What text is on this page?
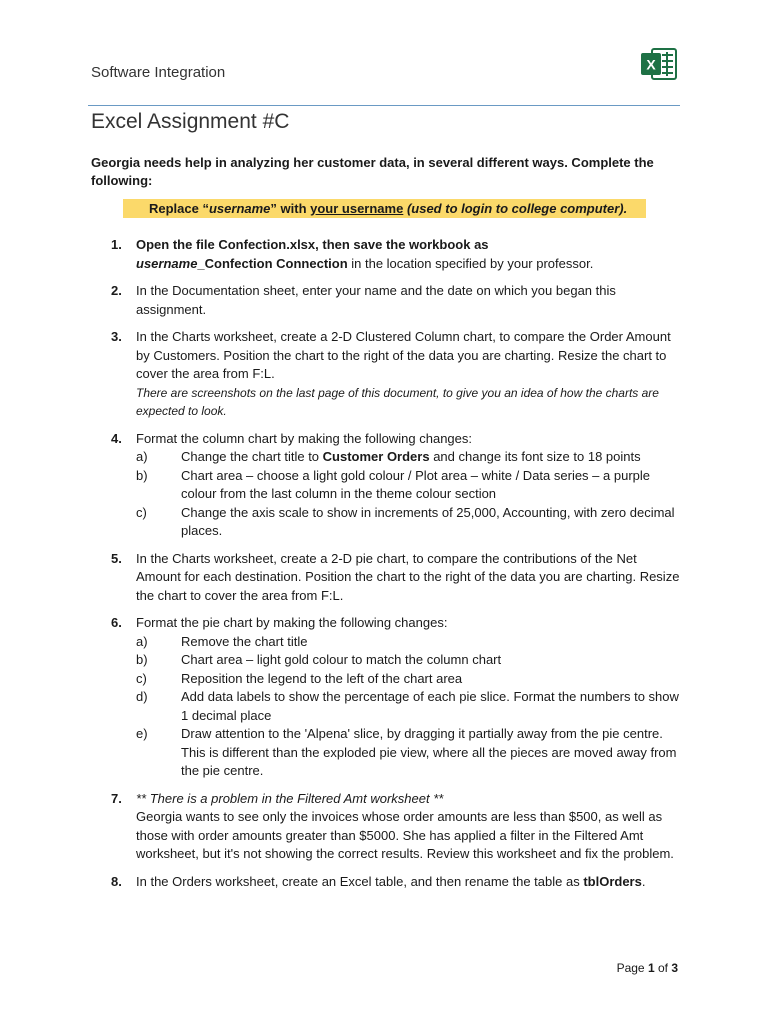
Software Integration	X
Excel Assignment #C
Georgia needs help in analyzing her customer data, in several different ways. Complete the following:
Replace “username” with your username (used to login to college computer).
1. Open the file Confection.xlsx, then save the workbook as
username_Confection Connection in the location specified by your professor.
2. In the Documentation sheet, enter your name and the date on which you began this assignment.
3. In the Charts worksheet, create a 2-D Clustered Column chart, to compare the Order Amount by Customers. Position the chart to the right of the data you are charting. Resize the chart to cover the area from F:L.
There are screenshots on the last page of this document, to give you an idea of how the charts are expected to look.
4. Format the column chart by making the following changes:
a)	Change the chart title to Customer Orders and change its font size to 18 points
b)	Chart area – choose a light gold colour / Plot area – white / Data series – a purple colour from the last column in the theme colour section
c)	Change the axis scale to show in increments of 25,000, Accounting, with zero decimal places.
5. In the Charts worksheet, create a 2-D pie chart, to compare the contributions of the Net Amount for each destination. Position the chart to the right of the data you are charting. Resize the chart to cover the area from F:L.
6. Format the pie chart by making the following changes:
a)	Remove the chart title
b)	Chart area – light gold colour to match the column chart
c)	Reposition the legend to the left of the chart area
d)	Add data labels to show the percentage of each pie slice. Format the numbers to show 1 decimal place
e)	Draw attention to the 'Alpena' slice, by dragging it partially away from the pie centre. This is different than the exploded pie view, where all the pieces are moved away from the pie centre.
7. ** There is a problem in the Filtered Amt worksheet **
Georgia wants to see only the invoices whose order amounts are less than $500, as well as those with order amounts greater than $5000. She has applied a filter in the Filtered Amt worksheet, but it's not showing the correct results. Review this worksheet and fix the problem.
8. In the Orders worksheet, create an Excel table, and then rename the table as tblOrders.
Page 1 of 3
